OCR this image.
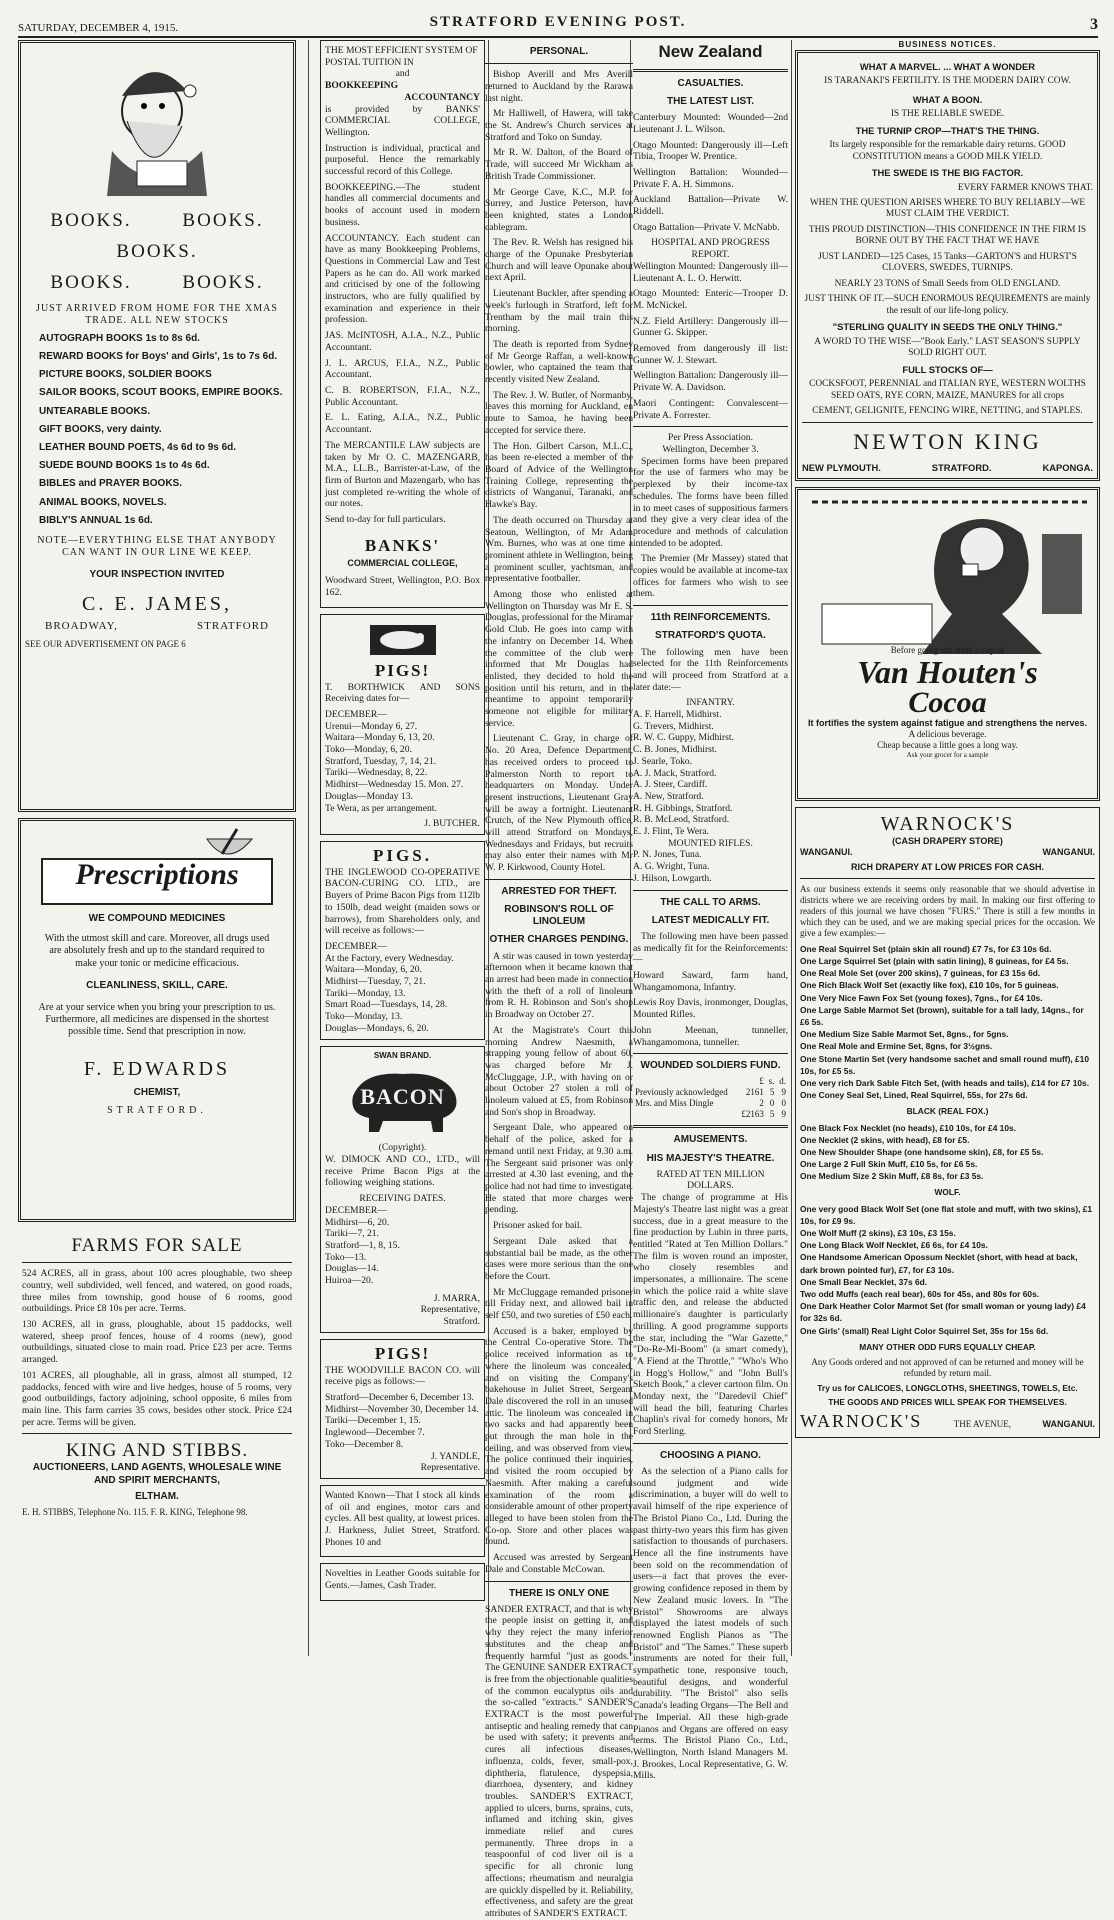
SATURDAY, DECEMBER 4, 1915.	STRATFORD EVENING POST.	3
BOOKS.	BOOKS.
BOOKS.
BOOKS.	BOOKS.
JUST ARRIVED FROM HOME FOR THE XMAS TRADE. ALL NEW STOCKS
AUTOGRAPH BOOKS 1s to 8s 6d.
REWARD BOOKS for Boys' and Girls', 1s to 7s 6d.
PICTURE BOOKS, SOLDIER BOOKS
SAILOR BOOKS, SCOUT BOOKS, EMPIRE BOOKS.
UNTEARABLE BOOKS.
GIFT BOOKS, very dainty.
LEATHER BOUND POETS, 4s 6d to 9s 6d.
SUEDE BOUND BOOKS 1s to 4s 6d.
BIBLES and PRAYER BOOKS.
ANIMAL BOOKS, NOVELS.
BIBLY'S ANNUAL 1s 6d.
NOTE—EVERYTHING ELSE THAT ANYBODY CAN WANT IN OUR LINE WE KEEP.
YOUR INSPECTION INVITED
C. E. JAMES,
BROADWAY,	STRATFORD
SEE OUR ADVERTISEMENT ON PAGE 6
Prescriptions
WE COMPOUND MEDICINES

With the utmost skill and care. Moreover, all drugs used are absolutely fresh and up to the standard required to make your tonic or medicine efficacious.

CLEANLINESS, SKILL, CARE.

Are at your service when you bring your prescription to us. Furthermore, all medicines are dispensed in the shortest possible time. Send that prescription in now.

F. EDWARDS
CHEMIST,
STRATFORD.
FARMS FOR SALE

524 ACRES, all in grass, about 100 acres ploughable, two sheep country, well subdivided, well fenced, and watered, on good roads, three miles from township, good house of 6 rooms, good outbuildings. Price £8 10s per acre. Terms.

130 ACRES, all in grass, ploughable, about 15 paddocks, well watered, sheep proof fences, house of 4 rooms (new), good outbuildings, situated close to main road. Price £23 per acre. Terms arranged.

101 ACRES, all ploughable, all in grass, almost all stumped, 12 paddocks, fenced with wire and live hedges, house of 5 rooms, very good outbuildings, factory adjoining, school opposite, 6 miles from main line. This farm carries 35 cows, besides other stock. Price £24 per acre. Terms will be given.

KING AND STIBBS.
AUCTIONEERS, LAND AGENTS, WHOLESALE WINE AND SPIRIT MERCHANTS,
ELTHAM.
E. H. STIBBS, Telephone No. 115. F. R. KING, Telephone 98.
THE MOST EFFICIENT SYSTEM OF POSTAL TUITION IN
and
BOOKKEEPING
ACCOUNTANCY

is provided by BANKS' COMMERCIAL COLLEGE, Wellington.

Instruction is individual, practical and purposeful. Hence the remarkably successful record of this College.

BOOKKEEPING.—The student handles all commercial documents and books of account used in modern business.

ACCOUNTANCY. Each student can have as many Bookkeeping Problems, Questions in Commercial Law and Test Papers as he can do. All work marked and criticised by one of the following instructors, who are fully qualified by examination and experience in their profession.

JAS. McINTOSH, A.I.A., N.Z., Public Accountant.

J. L. ARCUS, F.I.A., N.Z., Public Accountant.

C. B. ROBERTSON, F.I.A., N.Z., Public Accountant.

E. L. Eating, A.I.A., N.Z., Public Accountant.

The MERCANTILE LAW subjects are taken by Mr O. C. MAZENGARB, M.A., LL.B., Barrister-at-Law, of the firm of Burton and Mazengarb, who has just completed re-writing the whole of our notes.

Send to-day for full particulars.

BANKS'
COMMERCIAL COLLEGE,

Woodward Street, Wellington, P.O. Box 162.

PIGS!

T. BORTHWICK AND SONS Receiving dates for—

DECEMBER—
Urenui—Monday 6, 27.
Waitara—Monday 6, 13, 20.
Toko—Monday, 6, 20.
Stratford, Tuesday, 7, 14, 21.
Tariki—Wednesday, 8, 22.
Midhirst—Wednesday 15. Mon. 27.
Douglas—Monday 13.
Te Wera, as per arrangement.
J. BUTCHER.
PIGS.

THE INGLEWOOD CO-OPERATIVE BACON-CURING CO. LTD., are Buyers of Prime Bacon Pigs from 112lb to 150lb, dead weight (maiden sows or barrows), from Shareholders only, and will receive as follows:—

DECEMBER—
At the Factory, every Wednesday.
Waitara—Monday, 6, 20.
Midhirst—Tuesday, 7, 21.
Tariki—Monday, 13.
Smart Road—Tuesdays, 14, 28.
Toko—Monday, 13.
Douglas—Mondays, 6, 20.
SWAN BRAND.
BACON
(Copyright).

W. DIMOCK AND CO., LTD., will receive Prime Bacon Pigs at the following weighing stations.

RECEIVING DATES.
DECEMBER—
Midhirst—6, 20.
Tariki—7, 21.
Stratford—1, 8, 15.
Toko—13.
Douglas—14.
Huiroa—20.
J. MARRA,
Representative,
Stratford.
PIGS!

THE WOODVILLE BACON CO. will receive pigs as follows:—

Stratford—December 6, December 13.
Midhirst—November 30, December 14.
Tariki—December 1, 15.
Inglewood—December 7.
Toko—December 8.
J. YANDLE,
Representative.

Wanted Known—That I stock all kinds of oil and engines, motor cars and cycles. All best quality, at lowest prices. J. Harkness, Juliet Street, Stratford. Phones 10 and

Novelties in Leather Goods suitable for Gents.—James, Cash Trader.

PERSONAL.

Bishop Averill and Mrs Averill returned to Auckland by the Rarawa last night.

Mr Halliwell, of Hawera, will take the St. Andrew's Church services at Stratford and Toko on Sunday.

Mr R. W. Dalton, of the Board of Trade, will succeed Mr Wickham as British Trade Commissioner.

Mr George Cave, K.C., M.P. for Surrey, and Justice Peterson, have been knighted, states a London cablegram.

The Rev. R. Welsh has resigned his charge of the Opunake Presbyterian Church and will leave Opunake about next April.

Lieutenant Buckler, after spending a week's furlough in Stratford, left for Trentham by the mail train this morning.

The death is reported from Sydney of Mr George Raffan, a well-known bowler, who captained the team that recently visited New Zealand.

The Rev. J. W. Butler, of Normanby, leaves this morning for Auckland, en route to Samoa, he having been accepted for service there.

The Hon. Gilbert Carson, M.L.C., has been re-elected a member of the Board of Advice of the Wellington Training College, representing the districts of Wanganui, Taranaki, and Hawke's Bay.

The death occurred on Thursday at Seatoun, Wellington, of Mr Adam Wm. Burnes, who was at one time a prominent athlete in Wellington, being a prominent sculler, yachtsman, and representative footballer.

Among those who enlisted at Wellington on Thursday was Mr E. S. Douglas, professional for the Miramar Gold Club. He goes into camp with the infantry on December 14. When the committee of the club were informed that Mr Douglas had enlisted, they decided to hold the position until his return, and in the meantime to appoint temporarily someone not eligible for military service.

Lieutenant C. Gray, in charge of No. 20 Area, Defence Department, has received orders to proceed to Palmerston North to report to headquarters on Monday. Under present instructions, Lieutenant Gray will be away a fortnight. Lieutenant Crutch, of the New Plymouth office, will attend Stratford on Mondays, Wednesdays and Fridays, but recruits may also enter their names with Mr W. P. Kirkwood, County Hotel.

ARRESTED FOR THEFT.
ROBINSON'S ROLL OF LINOLEUM
OTHER CHARGES PENDING.

A stir was caused in town yesterday afternoon when it became known that an arrest had been made in connection with the theft of a roll of linoleum from R. H. Robinson and Son's shop in Broadway on October 27.

At the Magistrate's Court this morning Andrew Naesmith, a strapping young fellow of about 60, was charged before Mr J. McCluggage, J.P., with having on or about October 27 stolen a roll of linoleum valued at £5, from Robinson and Son's shop in Broadway.

Sergeant Dale, who appeared on behalf of the police, asked for a remand until next Friday, at 9.30 a.m. The Sergeant said prisoner was only arrested at 4.30 last evening, and the police had not had time to investigate. He stated that more charges were pending.

Prisoner asked for bail.

Sergeant Dale asked that a substantial bail be made, as the other cases were more serious than the one before the Court.

Mr McCluggage remanded prisoner till Friday next, and allowed bail in self £50, and two sureties of £50 each.

Accused is a baker, employed by the Central Co-operative Store. The police received information as to where the linoleum was concealed, and on visiting the Company's bakehouse in Juliet Street, Sergeant Dale discovered the roll in an unused attic. The linoleum was concealed in two sacks and had apparently been put through the man hole in the ceiling, and was observed from view. The police continued their inquiries, and visited the room occupied by Naesmith. After making a careful examination of the room a considerable amount of other property alleged to have been stolen from the Co-op. Store and other places was found.

Accused was arrested by Sergeant Dale and Constable McCowan.

THERE IS ONLY ONE

SANDER EXTRACT, and that is why the people insist on getting it, and why they reject the many inferior substitutes and the cheap and frequently harmful "just as goods." The GENUINE SANDER EXTRACT is free from the objectionable qualities of the common eucalyptus oils and the so-called "extracts." SANDER'S EXTRACT is the most powerful antiseptic and healing remedy that can be used with safety; it prevents and cures all infectious diseases, influenza, colds, fever, small-pox, diphtheria, flatulence, dyspepsia, diarrhoea, dysentery, and kidney troubles. SANDER'S EXTRACT, applied to ulcers, burns, sprains, cuts, inflamed and itching skin, gives immediate relief and cures permanently. Three drops in a teaspoonful of cod liver oil is a specific for all chronic lung affections; rheumatism and neuralgia are quickly dispelled by it. Reliability, effectiveness, and safety are the great attributes of SANDER'S EXTRACT.

New Zealand
CASUALTIES.
THE LATEST LIST.

Canterbury Mounted: Wounded—2nd Lieutenant J. L. Wilson.

Otago Mounted: Dangerously ill—Left Tibia, Trooper W. Prentice.

Wellington Battalion: Wounded—Private F. A. H. Simmons.

Auckland Battalion—Private W. Riddell.

Otago Battalion—Private V. McNabb.

HOSPITAL AND PROGRESS REPORT.

Wellington Mounted: Dangerously ill—Lieutenant A. L. O. Herwitt.

Otago Mounted: Enteric—Trooper D. M. McNickel.

N.Z. Field Artillery: Dangerously ill—Gunner G. Skipper.

Removed from dangerously ill list: Gunner W. J. Stewart.

Wellington Battalion: Dangerously ill—Private W. A. Davidson.

Maori Contingent: Convalescent—Private A. Forrester.

Per Press Association.
Wellington, December 3.

Specimen forms have been prepared for the use of farmers who may be perplexed by their income-tax schedules. The forms have been filled in to meet cases of suppositious farmers and they give a very clear idea of the procedure and methods of calculation intended to be adopted.

The Premier (Mr Massey) stated that copies would be available at income-tax offices for farmers who wish to see them.

11th REINFORCEMENTS.
STRATFORD'S QUOTA.

The following men have been selected for the 11th Reinforcements and will proceed from Stratford at a later date:—

INFANTRY.
A. F. Harrell, Midhirst.
G. Trevers, Midhirst.
R. W. C. Guppy, Midhirst.
C. B. Jones, Midhirst.
J. Searle, Toko.
A. J. Mack, Stratford.
A. J. Steer, Cardiff.
A. New, Stratford.
R. H. Gibbings, Stratford.
R. B. McLeod, Stratford.
E. J. Flint, Te Wera.
MOUNTED RIFLES.
P. N. Jones, Tuna.
A. G. Wright, Tuna.
J. Hilson, Lowgarth.
THE CALL TO ARMS.
LATEST MEDICALLY FIT.

The following men have been passed as medically fit for the Reinforcements:—

Howard Saward, farm hand, Whangamomona, Infantry.

Lewis Roy Davis, ironmonger, Douglas, Mounted Rifles.

John Meenan, tunneller, Whangamomona, tunneller.

WOUNDED SOLDIERS FUND.
	£	s.	d.
Previously acknowledged	2161	5	9
Mrs. and Miss Dingle	2	0	0
	£2163	5	9
AMUSEMENTS.
HIS MAJESTY'S THEATRE.
RATED AT TEN MILLION DOLLARS.

The change of programme at His Majesty's Theatre last night was a great success, due in a great measure to the fine production by Lubin in three parts, entitled "Rated at Ten Million Dollars." The film is woven round an imposter, who closely resembles and impersonates, a millionaire. The scene in which the police raid a white slave traffic den, and release the abducted millionaire's daughter is particularly thrilling. A good programme supports the star, including the "War Gazette," "Do-Re-Mi-Boom" (a smart comedy), "A Fiend at the Throttle," "Who's Who in Hogg's Hollow," and "John Bull's Sketch Book," a clever cartoon film. On Monday next, the "Daredevil Chief" will head the bill, featuring Charles Chaplin's rival for comedy honors, Mr Ford Sterling.

CHOOSING A PIANO.

As the selection of a Piano calls for sound judgment and wide discrimination, a buyer will do well to avail himself of the ripe experience of The Bristol Piano Co., Ltd. During the past thirty-two years this firm has given satisfaction to thousands of purchasers. Hence all the fine instruments have been sold on the recommendation of users—a fact that proves the ever-growing confidence reposed in them by New Zealand music lovers. In "The Bristol" Showrooms are always displayed the latest models of such renowned English Pianos as "The Bristol" and "The Sames." These superb instruments are noted for their full, sympathetic tone, responsive touch, beautiful designs, and wonderful durability. "The Bristol" also sells Canada's leading Organs—The Bell and The Imperial. All these high-grade Pianos and Organs are offered on easy terms. The Bristol Piano Co., Ltd., Wellington, North Island Managers M. J. Brookes, Local Representative, G. W. Mills.

BUSINESS NOTICES.
WHAT A MARVEL. ... WHAT A WONDER
IS TARANAKI'S FERTILITY. IS THE MODERN DAIRY COW.
WHAT A BOON.
IS THE RELIABLE SWEDE.
THE TURNIP CROP—THAT'S THE THING.
Its largely responsible for the remarkable dairy returns. GOOD CONSTITUTION means a GOOD MILK YIELD.
THE SWEDE IS THE BIG FACTOR.
EVERY FARMER KNOWS THAT.
WHEN THE QUESTION ARISES WHERE TO BUY RELIABLY—WE MUST CLAIM THE VERDICT.
THIS PROUD DISTINCTION—THIS CONFIDENCE IN THE FIRM IS BORNE OUT BY THE FACT THAT WE HAVE
JUST LANDED—125 Cases, 15 Tanks—GARTON'S and HURST'S CLOVERS, SWEDES, TURNIPS.
NEARLY 23 TONS of Small Seeds from OLD ENGLAND.
JUST THINK OF IT.—SUCH ENORMOUS REQUIREMENTS are mainly the result of our life-long policy.
"STERLING QUALITY IN SEEDS THE ONLY THING."
A WORD TO THE WISE—"Book Early." LAST SEASON'S SUPPLY SOLD RIGHT OUT.
FULL STOCKS OF—
COCKSFOOT, PERENNIAL and ITALIAN RYE, WESTERN WOLTHS SEED OATS, RYE CORN, MAIZE, MANURES for all crops
CEMENT, GELIGNITE, FENCING WIRE, NETTING, and STAPLES.
NEWTON KING
NEW PLYMOUTH.	STRATFORD.	KAPONGA.
Before going out drink a cup of
Van Houten's
Cocoa
It fortifies the system against fatigue and strengthens the nerves.
A delicious beverage.
Cheap because a little goes a long way.
Ask your grocer for a sample
WARNOCK'S
(CASH DRAPERY STORE)
WANGANUI.	WANGANUI.
RICH DRAPERY AT LOW PRICES FOR CASH.

As our business extends it seems only reasonable that we should advertise in districts where we are receiving orders by mail. In making our first offering to readers of this journal we have chosen "FURS." There is still a few months in which they can be used, and we are making special prices for the occasion. We give a few examples:—

One Real Squirrel Set (plain skin all round) £7 7s, for £3 10s 6d.
One Large Squirrel Set (plain with satin lining), 8 guineas, for £4 5s.
One Real Mole Set (over 200 skins), 7 guineas, for £3 15s 6d.
One Rich Black Wolf Set (exactly like fox), £10 10s, for 5 guineas.
One Very Nice Fawn Fox Set (young foxes), 7gns., for £4 10s.
One Large Sable Marmot Set (brown), suitable for a tall lady, 14gns., for £6 5s.
One Medium Size Sable Marmot Set, 8gns., for 5gns.
One Real Mole and Ermine Set, 8gns, for 3½gns.
One Stone Martin Set (very handsome sachet and small round muff), £10 10s, for £5 5s.
One very rich Dark Sable Fitch Set, (with heads and tails), £14 for £7 10s.
One Coney Seal Set, Lined, Real Squirrel, 55s, for 27s 6d.
BLACK (REAL FOX.)
One Black Fox Necklet (no heads), £10 10s, for £4 10s.
One Necklet (2 skins, with head), £8 for £5.
One New Shoulder Shape (one handsome skin), £8, for £5 5s.
One Large 2 Full Skin Muff, £10 5s, for £6 5s.
One Medium Size 2 Skin Muff, £8 8s, for £3 5s.
WOLF.
One very good Black Wolf Set (one flat stole and muff, with two skins), £1 10s, for £9 9s.
One Wolf Muff (2 skins), £3 10s, £3 15s.
One Long Black Wolf Necklet, £6 6s, for £4 10s.
One Handsome American Opossum Necklet (short, with head at back, dark brown pointed fur), £7, for £3 10s.
One Small Bear Necklet, 37s 6d.
Two odd Muffs (each real bear), 60s for 45s, and 80s for 60s.
One Dark Heather Color Marmot Set (for small woman or young lady) £4 for 32s 6d.
One Girls' (small) Real Light Color Squirrel Set, 35s for 15s 6d.
MANY OTHER ODD FURS EQUALLY CHEAP.
Any Goods ordered and not approved of can be returned and money will be refunded by return mail.
Try us for CALICOES, LONGCLOTHS, SHEETINGS, TOWELS, Etc.
THE GOODS AND PRICES WILL SPEAK FOR THEMSELVES.
WARNOCK'S	THE AVENUE,	WANGANUI.
